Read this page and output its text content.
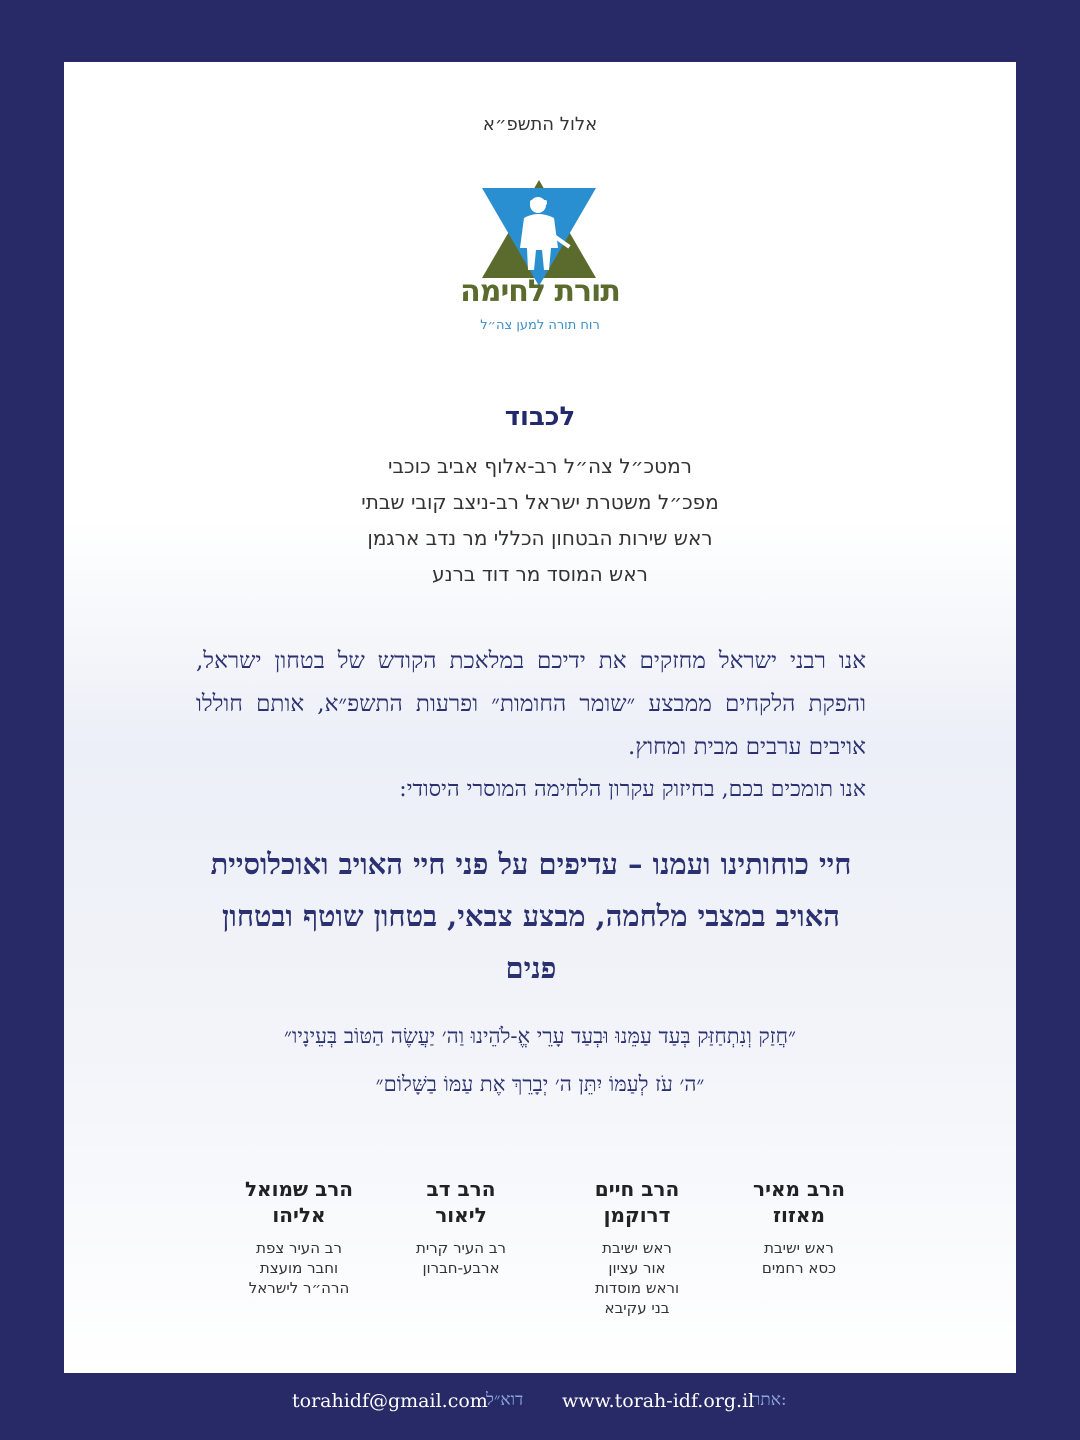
אלול התשפ״א
תורת לחימה
רוח תורה למען צה״ל
לכבוד
רמטכ״ל צה״ל רב-אלוף אביב כוכבי
מפכ״ל משטרת ישראל רב-ניצב קובי שבתי
ראש שירות הבטחון הכללי מר נדב ארגמן
ראש המוסד מר דוד ברנע
אנו רבני ישראל מחזקים את ידיכם במלאכת הקודש של בטחון ישראל, והפקת הלקחים ממבצע ״שומר החומות״ ופרעות התשפ״א, אותם חוללו אויבים ערבים מבית ומחוץ.
אנו תומכים בכם, בחיזוק עקרון הלחימה המוסרי היסודי:
חיי כוחותינו ועמנו – עדיפים על פני חיי האויב ואוכלוסיית האויב במצבי מלחמה, מבצע צבאי, בטחון שוטף ובטחון פנים
״חֲזַק וְנִתְחַזַּק בְּעַד עַמֵּנוּ וּבְעַד עָרֵי אֱ-לֹהֵינוּ וַה׳ יַעֲשֶׂה הַטּוֹב בְּעֵינָיו״
״ה׳ עֹז לְעַמּוֹ יִתֵּן ה׳ יְבָרֵךְ אֶת עַמּוֹ בַשָּׁלוֹם״
הרב מאיר
מאזוז
ראש ישיבת
כסא רחמים
הרב חיים
דרוקמן
ראש ישיבת
אור עציון
וראש מוסדות
בני עקיבא
הרב דב
ליאור
רב העיר קרית
ארבע-חברון
הרב שמואל
אליהו
רב העיר צפת
וחבר מועצת
הרה״ר לישראל
אתר:
www.torah-idf.org.il
דוא״ל
torahidf@gmail.com
